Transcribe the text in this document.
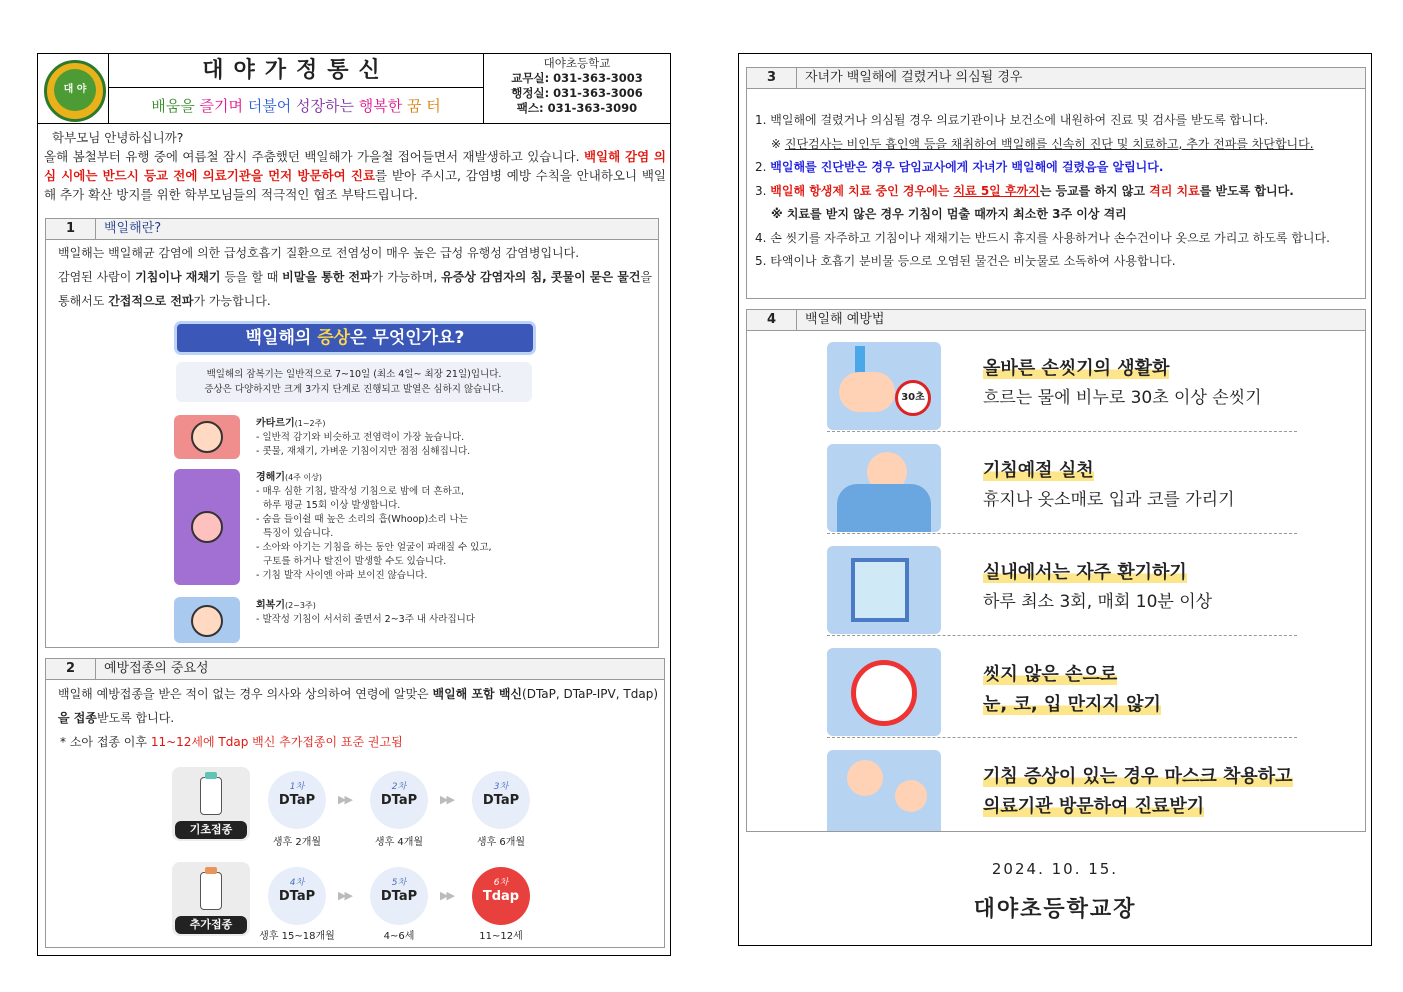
대 야
대야가정통신
배움을 즐기며 더불어 성장하는 행복한 꿈 터
대야초등학교
교무실: 031-363-3003
행정실: 031-363-3006
팩스: 031-363-3090
학부모님 안녕하십니까?
올해 봄철부터 유행 중에 여름철 잠시 주춤했던 백일해가 가을철 접어들면서 재발생하고 있습니다. 백일해 감염 의심 시에는 반드시 등교 전에 의료기관을 먼저 방문하여 진료를 받아 주시고, 감염병 예방 수칙을 안내하오니 백일해 추가 확산 방지를 위한 학부모님들의 적극적인 협조 부탁드립니다.
1	백일해란?
백일해는 백일해균 감염에 의한 급성호흡기 질환으로 전염성이 매우 높은 급성 유행성 감염병입니다.
감염된 사람이 기침이나 재채기 등을 할 때 비말을 통한 전파가 가능하며, 유증상 감염자의 침, 콧물이 묻은 물건을 통해서도 간접적으로 전파가 가능합니다.
백일해의 증상은 무엇인가요?
백일해의 잠복기는 일반적으로 7~10일 (최소 4일~ 최장 21일)입니다.
증상은 다양하지만 크게 3가지 단계로 진행되고 발열은 심하지 않습니다.
카타르기(1~2주)
- 일반적 감기와 비슷하고 전염력이 가장 높습니다.
- 콧물, 재채기, 가벼운 기침이지만 점점 심해집니다.
경해기(4주 이상)
- 매우 심한 기침, 발작성 기침으로 밤에 더 흔하고,
하루 평균 15회 이상 발생합니다.
- 숨을 들이쉴 때 높은 소리의 흡(Whoop)소리 나는
특징이 있습니다.
- 소아와 아기는 기침을 하는 동안 얼굴이 파래질 수 있고,
구토를 하거나 탈진이 발생할 수도 있습니다.
- 기침 발작 사이엔 아파 보이진 않습니다.
회복기(2~3주)
- 발작성 기침이 서서히 줄면서 2~3주 내 사라집니다
2	예방접종의 중요성
백일해 예방접종을 받은 적이 없는 경우 의사와 상의하여 연령에 알맞은 백일해 포함 백신(DTaP, DTaP-IPV, Tdap)을 접종받도록 합니다.
* 소아 접종 이후 11~12세에 Tdap 백신 추가접종이 표준 권고됨
기초접종
1차
DTaP
생후 2개월
▶▶
2차
DTaP
생후 4개월
▶▶
3차
DTaP
생후 6개월
추가접종
4차
DTaP
생후 15~18개월
▶▶
5차
DTaP
4~6세
▶▶
6차
Tdap
11~12세
3	자녀가 백일해에 걸렸거나 의심될 경우
1. 백일해에 걸렸거나 의심될 경우 의료기관이나 보건소에 내원하여 진료 및 검사를 받도록 합니다.
※ 진단검사는 비인두 흡인액 등을 채취하여 백일해를 신속히 진단 및 치료하고, 추가 전파를 차단합니다.
2. 백일해를 진단받은 경우 담임교사에게 자녀가 백일해에 걸렸음을 알립니다.
3. 백일해 항생제 치료 중인 경우에는 치료 5일 후까지는 등교를 하지 않고 격리 치료를 받도록 합니다.
※ 치료를 받지 않은 경우 기침이 멈출 때까지 최소한 3주 이상 격리
4. 손 씻기를 자주하고 기침이나 재채기는 반드시 휴지를 사용하거나 손수건이나 옷으로 가리고 하도록 합니다.
5. 타액이나 호흡기 분비물 등으로 오염된 물건은 비눗물로 소독하여 사용합니다.
4	백일해 예방법
30초
올바른 손씻기의 생활화
흐르는 물에 비누로 30초 이상 손씻기
기침예절 실천
휴지나 옷소매로 입과 코를 가리기
실내에서는 자주 환기하기
하루 최소 3회, 매회 10분 이상
씻지 않은 손으로
눈, 코, 입 만지지 않기
기침 증상이 있는 경우 마스크 착용하고
의료기관 방문하여 진료받기
2024. 10. 15.
대야초등학교장
